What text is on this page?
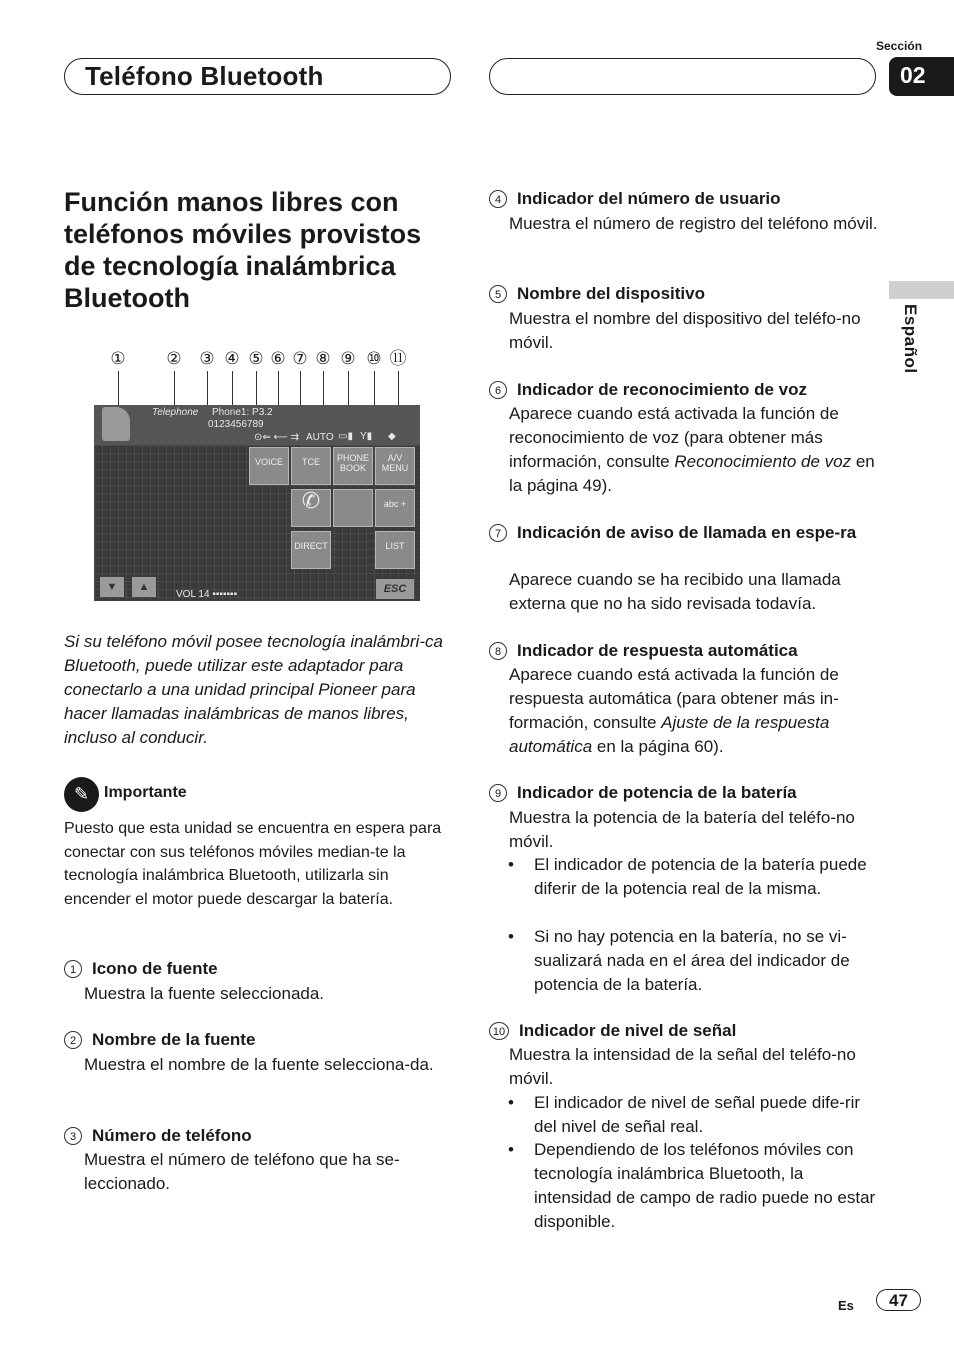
Teléfono Bluetooth
Sección
02
Español
Función manos libres con teléfonos móviles provistos de tecnología inalámbrica Bluetooth
① ② ③ ④ ⑤ ⑥ ⑦ ⑧ ⑨ ⑩ ⑪
Telephone Phone1: P3.2
0123456789
⊙⇐ ⟵ ⇉ AUTO ▭▮ Y▮ ◆
VOICE	TCE	PHONE BOOK
A/V MENU
✆	abc +
DIRECT	LIST
▼	▲
VOL 14 ▪▪▪▪▪▪▪	ESC
Si su teléfono móvil posee tecnología inalámbri-ca Bluetooth, puede utilizar este adaptador para conectarlo a una unidad principal Pioneer para hacer llamadas inalámbricas de manos libres, incluso al conducir.
✎ Importante
Puesto que esta unidad se encuentra en espera para conectar con sus teléfonos móviles median-te la tecnología inalámbrica Bluetooth, utilizarla sin encender el motor puede descargar la batería.
1 Icono de fuente
Muestra la fuente seleccionada.
2 Nombre de la fuente
Muestra el nombre de la fuente selecciona-da.
3 Número de teléfono
Muestra el número de teléfono que ha se-leccionado.
4 Indicador del número de usuario
Muestra el número de registro del teléfono móvil.
5 Nombre del dispositivo
Muestra el nombre del dispositivo del teléfo-no móvil.
6 Indicador de reconocimiento de voz
Aparece cuando está activada la función de reconocimiento de voz (para obtener más información, consulte Reconocimiento de voz en la página 49).
7 Indicación de aviso de llamada en espe-ra
Aparece cuando se ha recibido una llamada externa que no ha sido revisada todavía.
8 Indicador de respuesta automática
Aparece cuando está activada la función de respuesta automática (para obtener más in-formación, consulte Ajuste de la respuesta automática en la página 60).
9 Indicador de potencia de la batería
Muestra la potencia de la batería del teléfo-no móvil.
• El indicador de potencia de la batería puede diferir de la potencia real de la misma.
• Si no hay potencia en la batería, no se vi-sualizará nada en el área del indicador de potencia de la batería.
10 Indicador de nivel de señal
Muestra la intensidad de la señal del teléfo-no móvil.
• El indicador de nivel de señal puede dife-rir del nivel de señal real.
• Dependiendo de los teléfonos móviles con tecnología inalámbrica Bluetooth, la intensidad de campo de radio puede no estar disponible.
Es	47
